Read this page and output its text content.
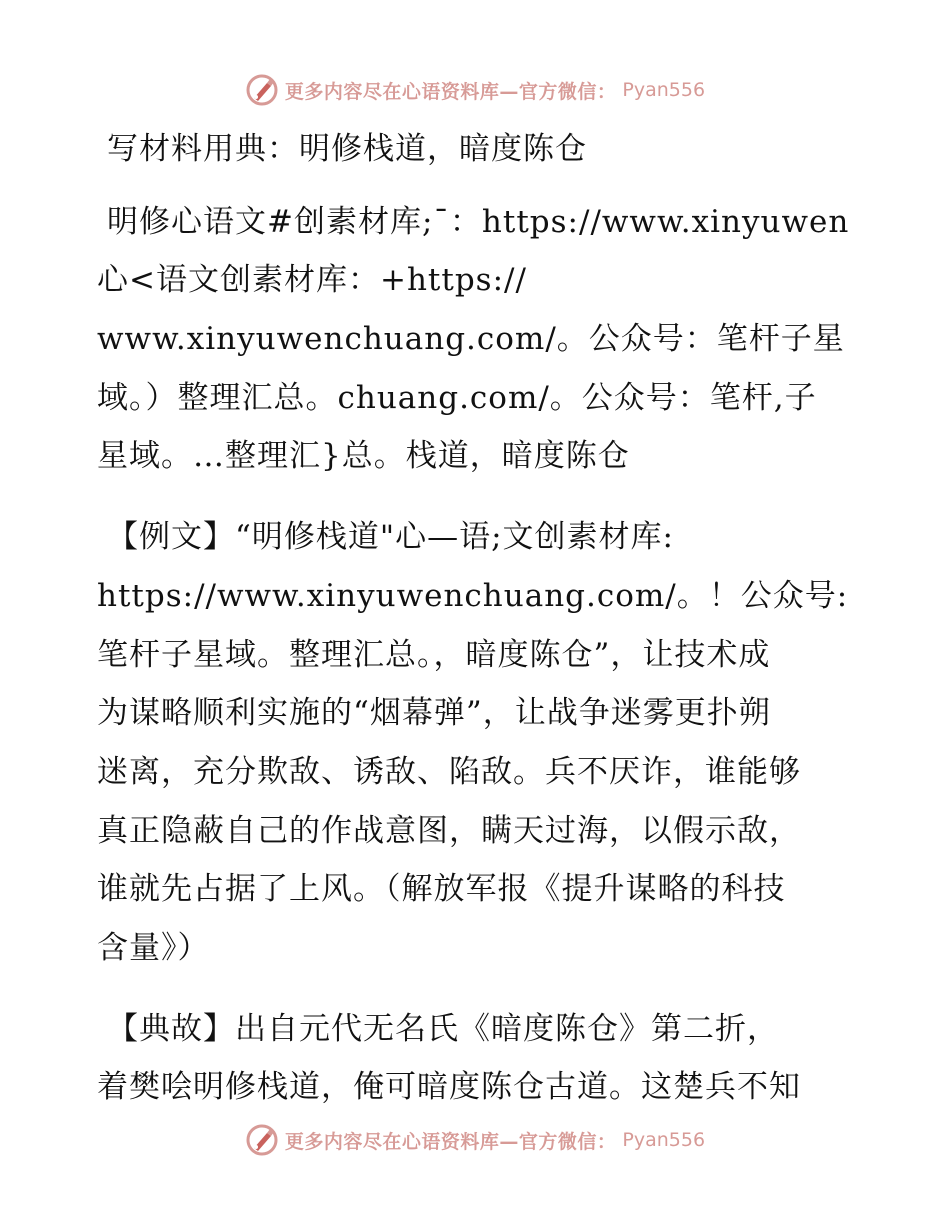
更多内容尽在心语资料库—官方微信： Pyan556
写材料用典：明修栈道，暗度陈仓
明修心语文#创素材库;¯：https://www.xinyuwen
心<语文创素材库：+https://
www.xinyuwenchuang.com/。公众号：笔杆子星
域。）整理汇总。chuang.com/。公众号：笔杆,子
星域。…整理汇}总。栈道，暗度陈仓
【例文】“明修栈道"心—语;文创素材库:
https://www.xinyuwenchuang.com/。！公众号:
笔杆子星域。整理汇总。，暗度陈仓”，让技术成
为谋略顺利实施的“烟幕弹”，让战争迷雾更扑朔
迷离，充分欺敌、诱敌、陷敌。兵不厌诈，谁能够
真正隐蔽自己的作战意图，瞒天过海，以假示敌，
谁就先占据了上风。（解放军报《提升谋略的科技
含量》）
【典故】出自元代无名氏《暗度陈仓》第二折，
着樊哙明修栈道，俺可暗度陈仓古道。这楚兵不知
更多内容尽在心语资料库—官方微信： Pyan556
